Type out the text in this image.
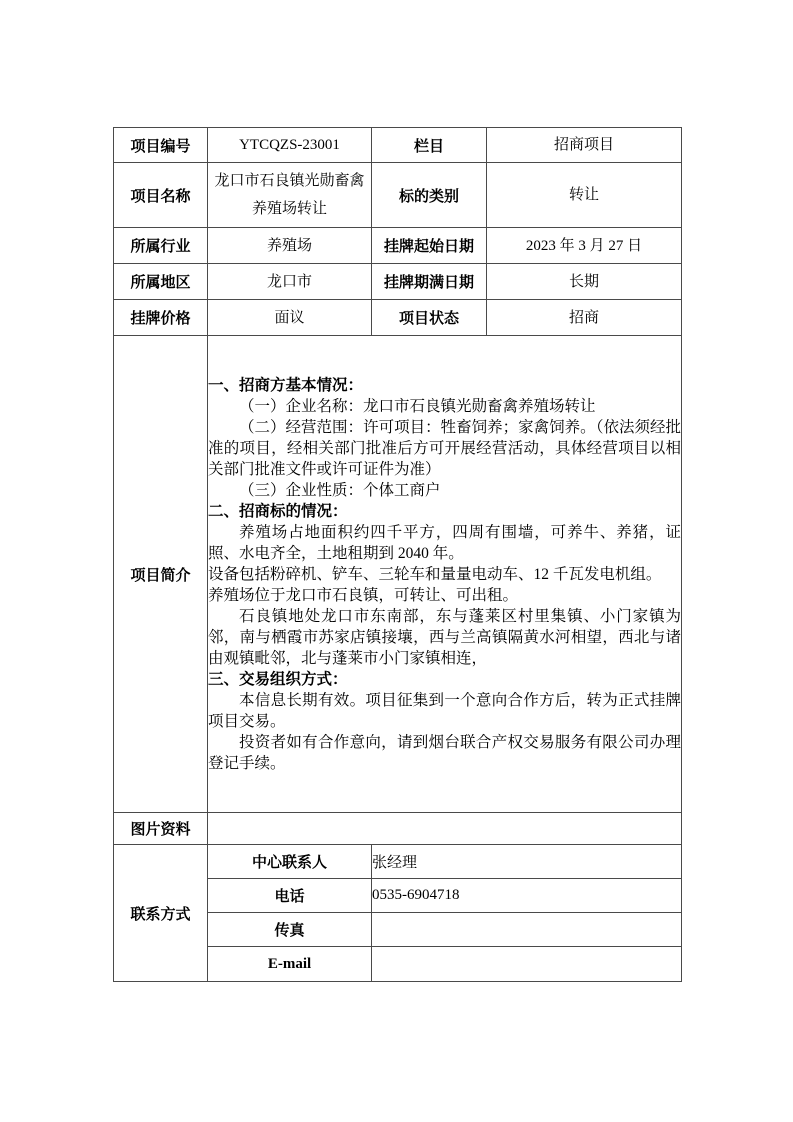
项目编号	YTCQZS-23001	栏目	招商项目
项目名称	龙口市石良镇光勋畜禽养殖场转让	标的类别	转让
所属行业	养殖场	挂牌起始日期	2023 年 3 月 27 日
所属地区	龙口市	挂牌期满日期	长期
挂牌价格	面议	项目状态	招商
项目简介	

一、招商方基本情况：

（一）企业名称：龙口市石良镇光勋畜禽养殖场转让

（二）经营范围：许可项目：牲畜饲养；家禽饲养。（依法须经批准的项目，经相关部门批准后方可开展经营活动，具体经营项目以相关部门批准文件或许可证件为准）

（三）企业性质：个体工商户

二、招商标的情况：

养殖场占地面积约四千平方，四周有围墙，可养牛、养猪，证照、水电齐全，土地租期到 2040 年。

设备包括粉碎机、铲车、三轮车和量量电动车、12 千瓦发电机组。

养殖场位于龙口市石良镇，可转让、可出租。

石良镇地处龙口市东南部，东与蓬莱区村里集镇、小门家镇为邻，南与栖霞市苏家店镇接壤，西与兰高镇隔黄水河相望，西北与诸由观镇毗邻，北与蓬莱市小门家镇相连，

三、交易组织方式：

本信息长期有效。项目征集到一个意向合作方后，转为正式挂牌项目交易。

投资者如有合作意向，请到烟台联合产权交易服务有限公司办理登记手续。

图片资料			
联系方式	中心联系人	张经理	
	电话	0535-6904718	
	传真		
	E-mail		
